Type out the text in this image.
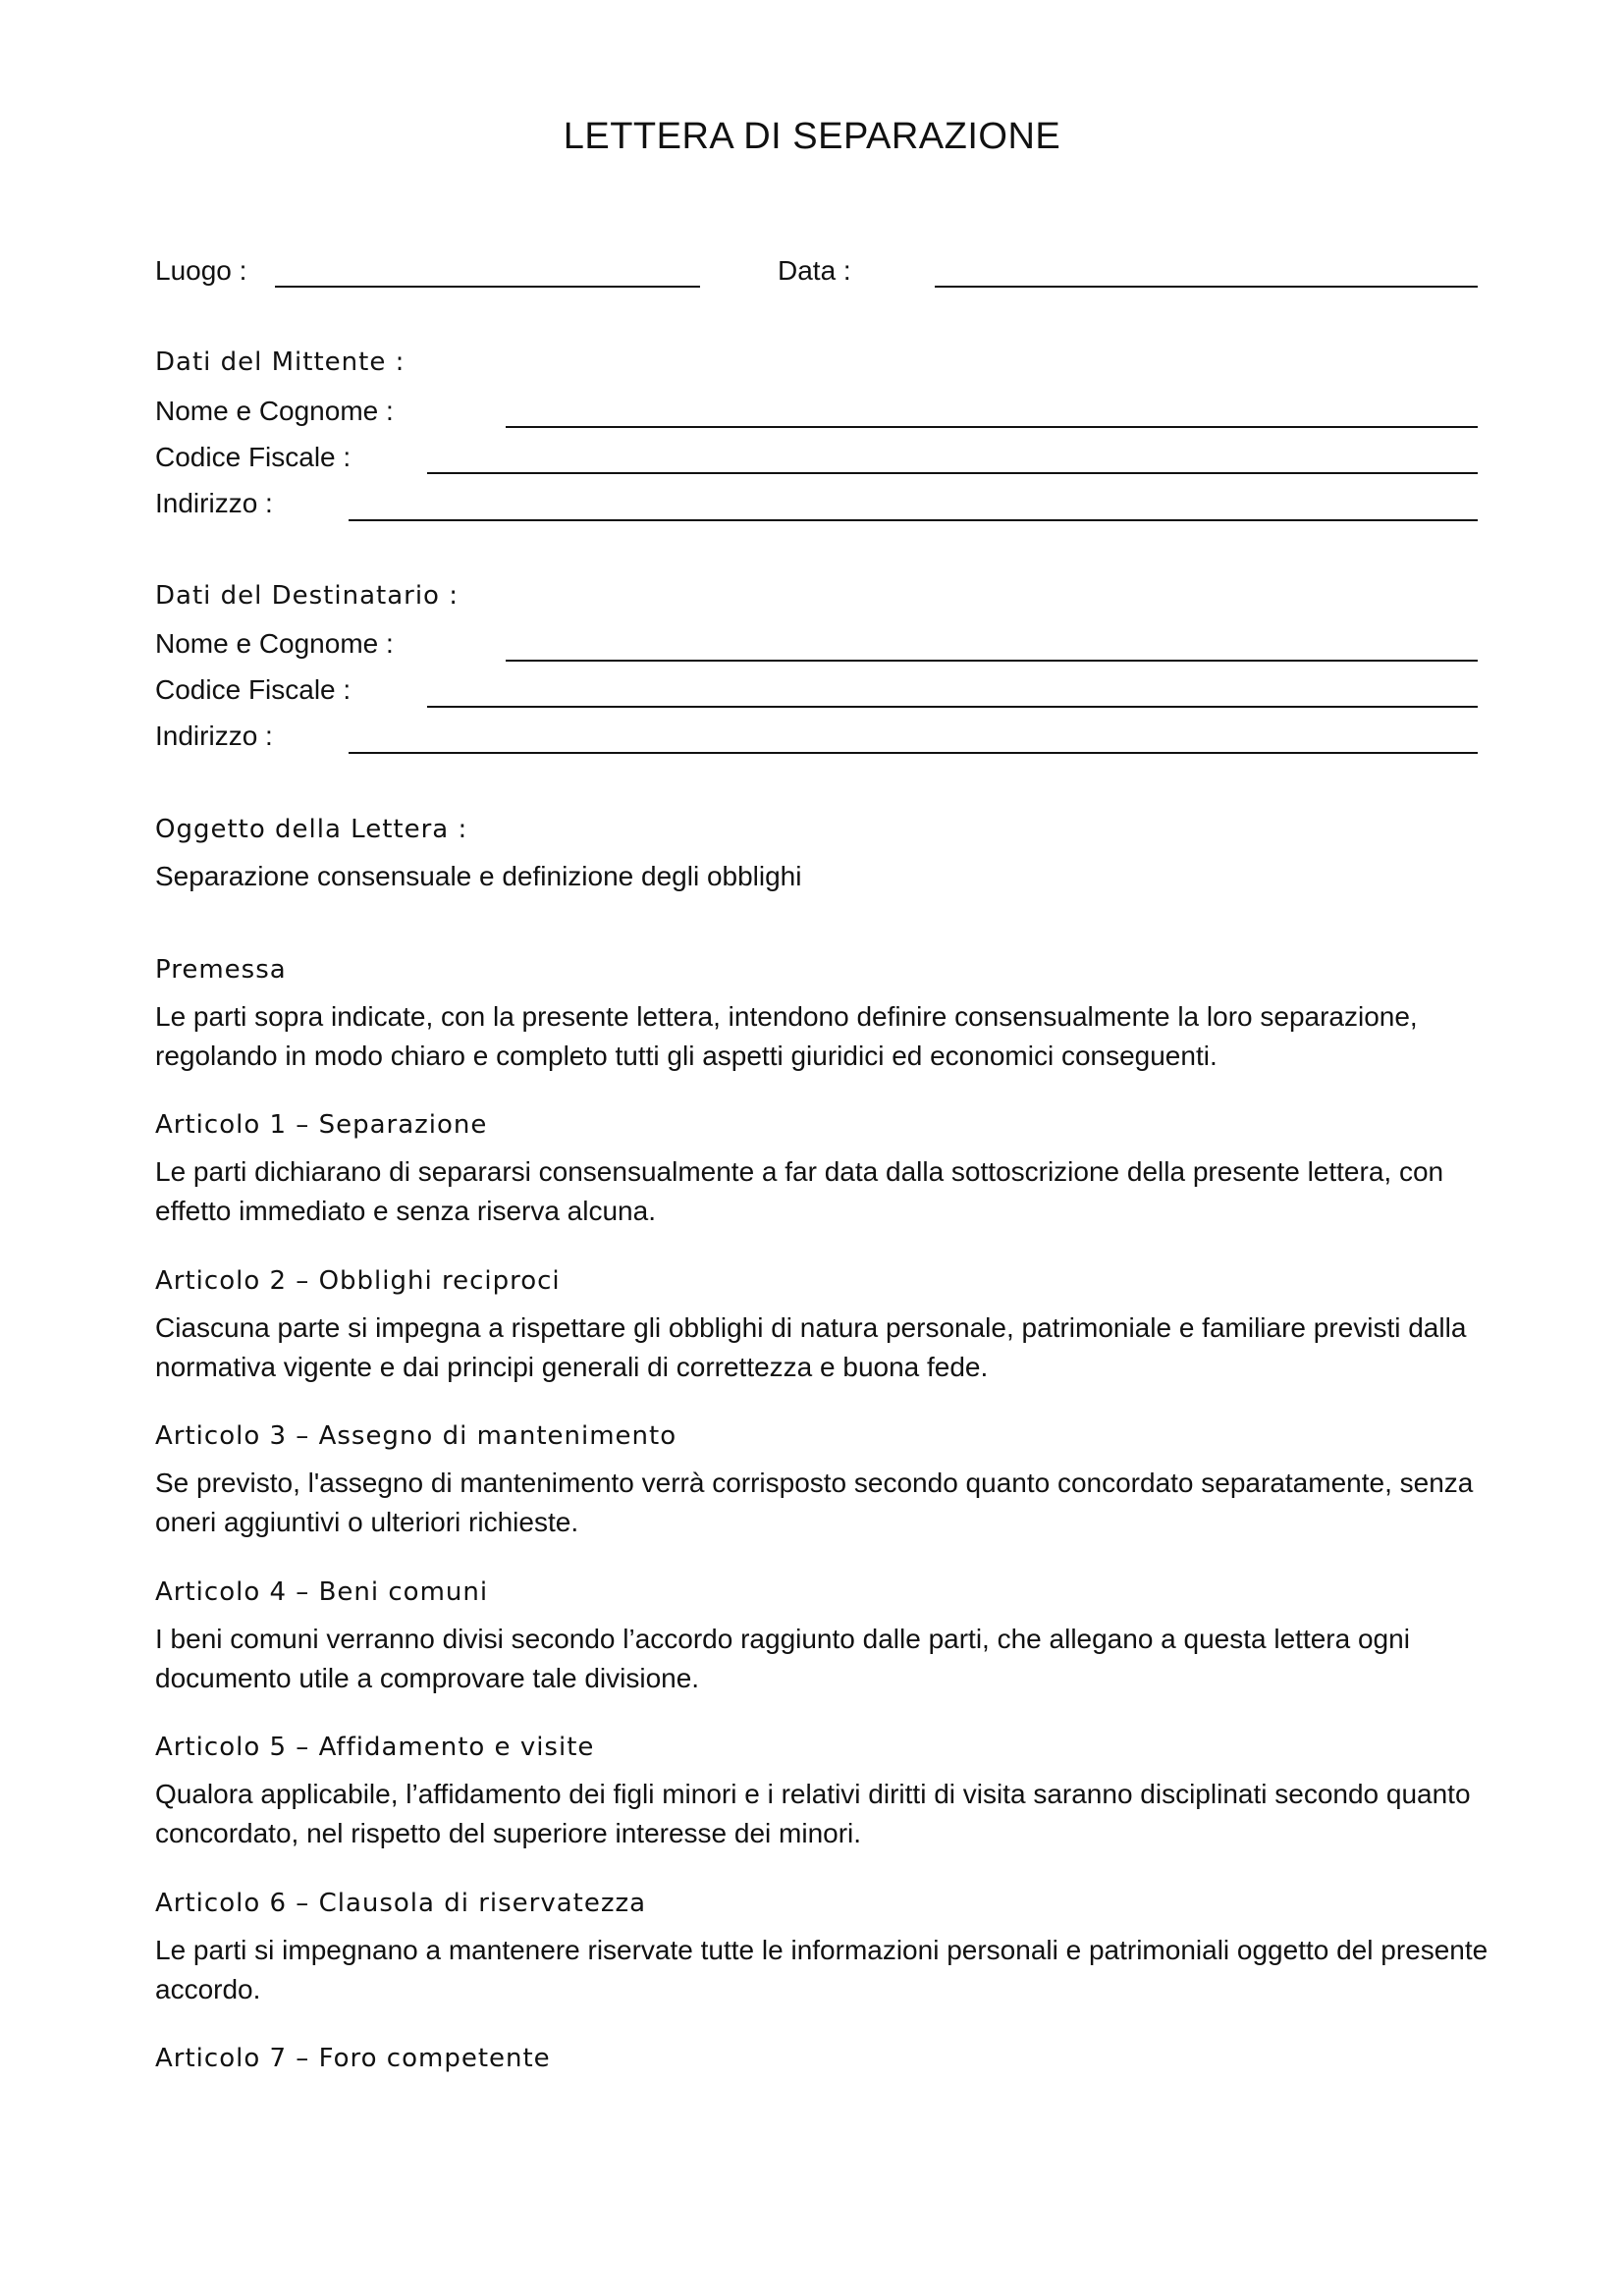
LETTERA DI SEPARAZIONE
Luogo :	Data :
Dati del Mittente :
Nome e Cognome :
Codice Fiscale :
Indirizzo :
Dati del Destinatario :
Nome e Cognome :
Codice Fiscale :
Indirizzo :
Oggetto della Lettera :
Separazione consensuale e definizione degli obblighi
Premessa
Le parti sopra indicate, con la presente lettera, intendono definire consensualmente la loro separazione, regolando in modo chiaro e completo tutti gli aspetti giuridici ed economici conseguenti.
Articolo 1 – Separazione
Le parti dichiarano di separarsi consensualmente a far data dalla sottoscrizione della presente lettera, con effetto immediato e senza riserva alcuna.
Articolo 2 – Obblighi reciproci
Ciascuna parte si impegna a rispettare gli obblighi di natura personale, patrimoniale e familiare previsti dalla normativa vigente e dai principi generali di correttezza e buona fede.
Articolo 3 – Assegno di mantenimento
Se previsto, l'assegno di mantenimento verrà corrisposto secondo quanto concordato separatamente, senza oneri aggiuntivi o ulteriori richieste.
Articolo 4 – Beni comuni
I beni comuni verranno divisi secondo l’accordo raggiunto dalle parti, che allegano a questa lettera ogni documento utile a comprovare tale divisione.
Articolo 5 – Affidamento e visite
Qualora applicabile, l’affidamento dei figli minori e i relativi diritti di visita saranno disciplinati secondo quanto concordato, nel rispetto del superiore interesse dei minori.
Articolo 6 – Clausola di riservatezza
Le parti si impegnano a mantenere riservate tutte le informazioni personali e patrimoniali oggetto del presente accordo.
Articolo 7 – Foro competente
